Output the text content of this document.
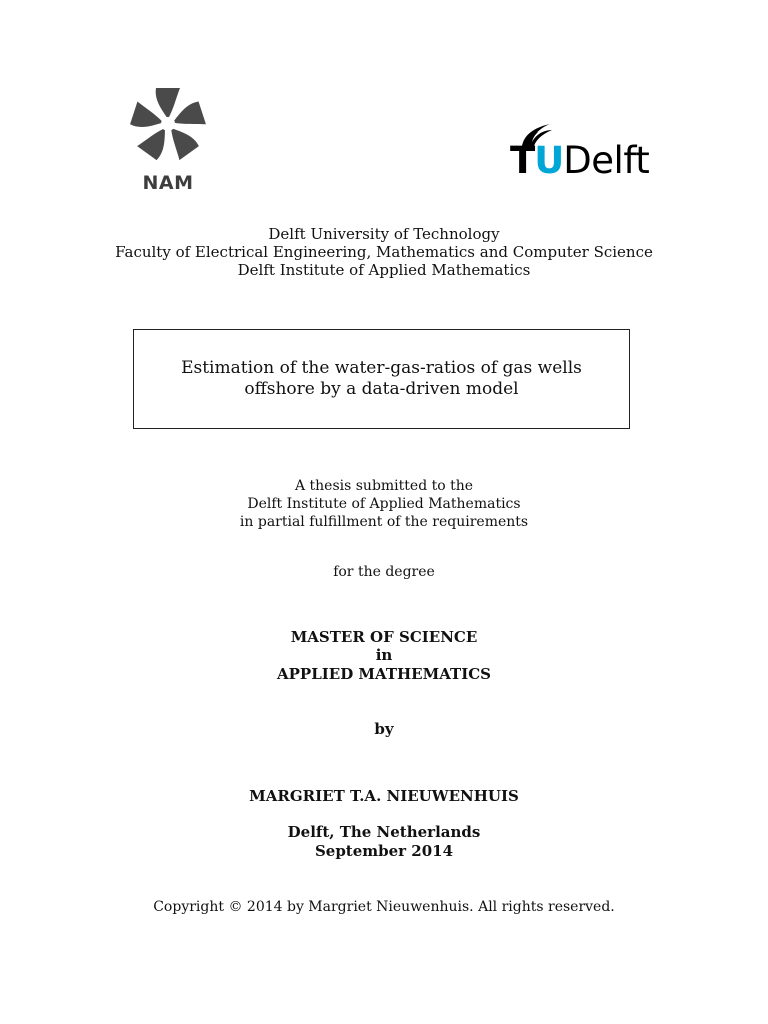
NAM
TUDelft
Delft University of Technology
Faculty of Electrical Engineering, Mathematics and Computer Science
Delft Institute of Applied Mathematics
Estimation of the water-gas-ratios of gas wells
offshore by a data-driven model
A thesis submitted to the
Delft Institute of Applied Mathematics
in partial fulfillment of the requirements
for the degree
MASTER OF SCIENCE
in
APPLIED MATHEMATICS
by
MARGRIET T.A. NIEUWENHUIS
Delft, The Netherlands
September 2014
Copyright © 2014 by Margriet Nieuwenhuis. All rights reserved.
